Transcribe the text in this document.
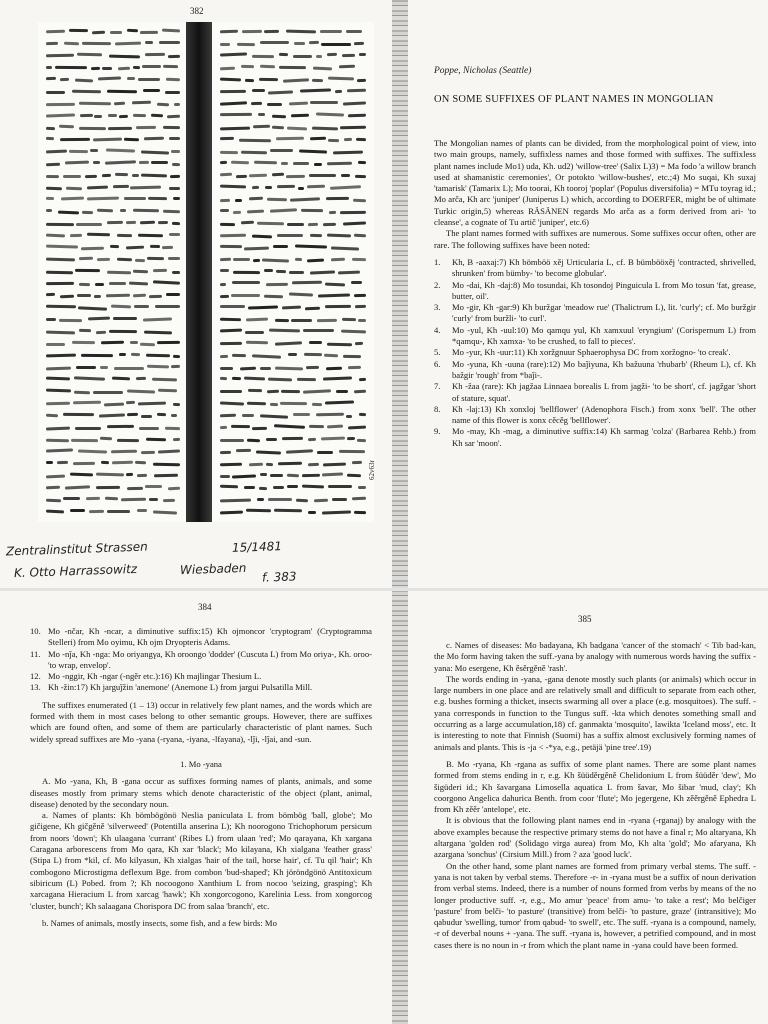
382
62v63r
Zentralinstitut Strassen	15/1481
K. Otto Harrassowitz	Wiesbaden f. 383
Poppe, Nicholas (Seattle)
ON SOME SUFFIXES OF PLANT NAMES IN MONGOLIAN

The Mongolian names of plants can be divided, from the morphological point of view, into two main groups, namely, suffixless names and those formed with suffixes. The suffixless plant names include Mo1) uda, Kh. ud2) 'willow-tree' (Salix L)3) = Ma fodo 'a willow branch used at shamanistic ceremonies', Or potokto 'willow-bushes', etc.;4) Mo suqai, Kh suxaj 'tamarisk' (Tamarix L); Mo toorai, Kh tooroj 'poplar' (Populus diversifolia) = MTu toyrag id.; Mo arča, Kh arc 'juniper' (Juniperus L) which, according to DOERFER, might be of ultimate Turkic origin,5) whereas RÄSÄNEN regards Mo arča as a form derived from ari- 'to cleanse', a cognate of Tu artič 'juniper', etc.6)

The plant names formed with suffixes are numerous. Some suffixes occur often, other are rare. The following suffixes have been noted:

1. Kh, B -aaxaj:7) Kh bömböö xěj Urticularia L, cf. B bümbööxěj 'contracted, shrivelled, shrunken' from bümby- 'to become globular'.

2. Mo -dai, Kh -daj:8) Mo tosundai, Kh tosondoj Pinguicula L from Mo tosun 'fat, grease, butter, oil'.

3. Mo -gir, Kh -gar:9) Kh buržgar 'meadow rue' (Thalictrum L), lit. 'curly'; cf. Mo buržgir 'curly' from buržli- 'to curl'.

4. Mo -yul, Kh -uul:10) Mo qamqu yul, Kh xamxuul 'eryngium' (Corispernum L) from *qamqu-, Kh xamxa- 'to be crushed, to fall to pieces'.

5. Mo -yur, Kh -uur:11) Kh xoržgnuur Sphaerophysa DC from xoržogno- 'to creak'.

6. Mo -yuna, Kh -uuna (rare):12) Mo baǰiyuna, Kh bažuuna 'rhubarb' (Rheum L), cf. Kh bažgir 'rough' from *baǰi-.

7. Kh -žaa (rare): Kh jagžaa Linnaea borealis L from jagži- 'to be short', cf. jagžgar 'short of stature, squat'.

8. Kh -laj:13) Kh xonxloj 'bellflower' (Adenophora Fisch.) from xonx 'bell'. The other name of this flower is xonx cěcěg 'bellflower'.

9. Mo -may, Kh -mag, a diminutive suffix:14) Kh sarmag 'colza' (Barbarea Rehb.) from Kh sar 'moon'.

384

10. Mo -nčar, Kh -ncar, a diminutive suffix:15) Kh ojmoncor 'cryptogram' (Cryptogramma Stelleri) from Mo oyimu, Kh ojm Dryopteris Adams.

11. Mo -nǰa, Kh -nga: Mo oriyangγa, Kh oroongo 'dodder' (Cuscuta L) from Mo oriya-, Kh. oroo- 'to wrap, envelop'.

12. Mo -nggir, Kh -ngar (-ngěr etc.):16) Kh majlingar Thesium L.

13. Kh -žin:17) Kh jarguǰžin 'anemone' (Anemone L) from jargui Pulsatilla Mill.

The suffixes enumerated (1 – 13) occur in relatively few plant names, and the words which are formed with them in most cases belong to other semantic groups. However, there are suffixes which are found often, and some of them are particularly characteristic of plant names. Such widely spread suffixes are Mo -yana (-ryana, -iyana, -lfayana), -lǰi, -lǰai, and -sun.

1. Mo -yana

A. Mo -yana, Kh, B -gana occur as suffixes forming names of plants, animals, and some diseases mostly from primary stems which denote characteristic of the object (plant, animal, disease) denoted by the secondary noun.

a. Names of plants: Kh bömbögönö Neslia paniculata L from bömbög 'ball, globe'; Mo gičigene, Kh gičgěně 'silverweed' (Potentilla anserina L); Kh noorogono Trichophorum persicum from noors 'down'; Kh ulaagana 'currant' (Ribes L) from ulaan 'red'; Mo qarayana, Kh xargana Caragana arborescens from Mo qara, Kh xar 'black'; Mo kilayana, Kh xialgana 'feather grass' (Stipa L) from *kil, cf. Mo kilyasun, Kh xialgas 'hair of the tail, horse hair', cf. Tu qil 'hair'; Kh combogono Microstigma deflexum Bge. from combon 'bud-shaped'; Kh jöröndgönö Antitoxicum sibiricum (L) Pobed. from ?; Kh nocoogono Xanthium L from nocoo 'seizing, grasping'; Kh xarcagana Hieracium L from xarcag 'hawk'; Kh xongorcogono, Karelinia Less. from xongorcog 'cluster, bunch'; Kh salaagana Chorispora DC from salaa 'branch', etc.

b. Names of animals, mostly insects, some fish, and a few birds: Mo

385

c. Names of diseases: Mo badayana, Kh badgana 'cancer of the stomach' < Tib bad-kan, the Mo form having taken the suff.-yana by analogy with numerous words having the suffix -yana: Mo esergene, Kh ěsěrgěně 'rash'.

The words ending in -yana, -gana denote mostly such plants (or animals) which occur in large numbers in one place and are relatively small and difficult to separate from each other, e.g. bushes forming a thicket, insects swarming all over a place (e.g. mosquitoes). The suff. -yana corresponds in function to the Tungus suff. -kta which denotes something small and occurring as a large accumulation,18) cf. ganmakta 'mosquito', lawikta 'Iceland moss', etc. It is interesting to note that Finnish (Suomi) has a suffix almost exclusively forming names of animals and plants. This is -ja < -*ya, e.g., petäjä 'pine tree'.19)

B. Mo -ryana, Kh -rgana as suffix of some plant names. There are some plant names formed from stems ending in r, e.g. Kh šüüděrgěně Chelidonium L from šüüděr 'dew', Mo šigüderi id.; Kh šavargana Limosella aquatica L from šavar, Mo šibar 'mud, clay'; Kh coorgono Angelica dahurica Benth. from coor 'flute'; Mo jegergene, Kh zěěrgěně Ephedra L from Kh zěěr 'antelope', etc.

It is obvious that the following plant names end in -ryana (-rganaj) by analogy with the above examples because the respective primary stems do not have a final r; Mo altaryana, Kh altargana 'golden rod' (Solidago virga aurea) from Mo, Kh alta 'gold'; Mo afaryana, Kh azargana 'sonchus' (Cirsium Mill.) from ? aza 'good luck'.

On the other hand, some plant names are formed from primary verbal stems. The suff. -yana is not taken by verbal stems. Therefore -r- in -ryana must be a suffix of noun derivation from verbal stems. Indeed, there is a number of nouns formed from verbs by means of the no longer productive suff. -r, e.g., Mo amur 'peace' from amu- 'to take a rest'; Mo belčiger 'pasture' from belči- 'to pasture' (transitive) from belči- 'to pasture, graze' (intransitive); Mo qabudur 'swelling, tumor' from qabud- 'to swell', etc. The suff. -ryana is a compound, namely, -r of deverbal nouns + -yana. The suff. -ryana is, however, a petrified compound, and in most cases there is no noun in -r from which the plant name in -yana could have been formed.
